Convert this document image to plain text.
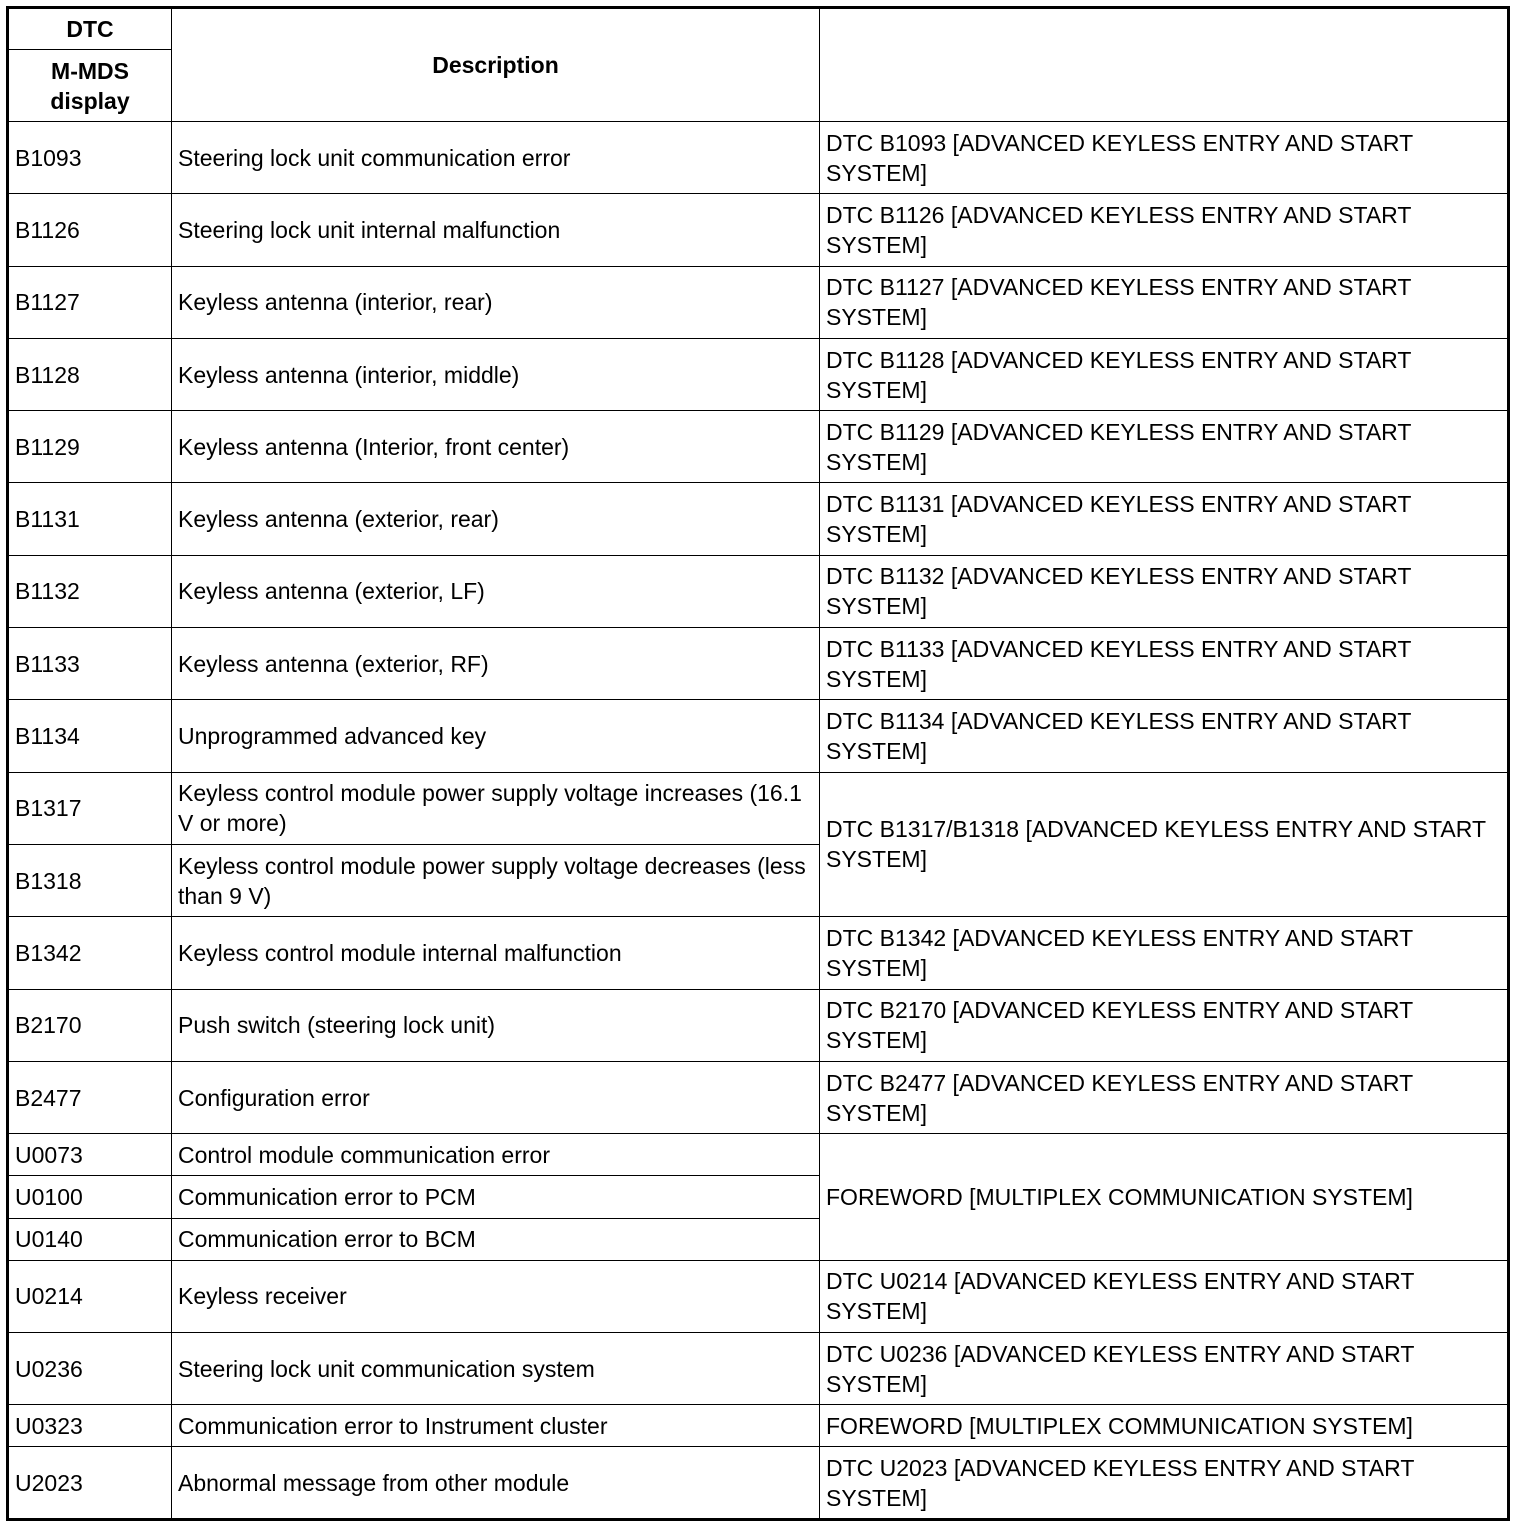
DTC	Description	
M-MDS display		
B1093	Steering lock unit communication error	DTC B1093 [ADVANCED KEYLESS ENTRY AND START SYSTEM]
B1126	Steering lock unit internal malfunction	DTC B1126 [ADVANCED KEYLESS ENTRY AND START SYSTEM]
B1127	Keyless antenna (interior, rear)	DTC B1127 [ADVANCED KEYLESS ENTRY AND START SYSTEM]
B1128	Keyless antenna (interior, middle)	DTC B1128 [ADVANCED KEYLESS ENTRY AND START SYSTEM]
B1129	Keyless antenna (Interior, front center)	DTC B1129 [ADVANCED KEYLESS ENTRY AND START SYSTEM]
B1131	Keyless antenna (exterior, rear)	DTC B1131 [ADVANCED KEYLESS ENTRY AND START SYSTEM]
B1132	Keyless antenna (exterior, LF)	DTC B1132 [ADVANCED KEYLESS ENTRY AND START SYSTEM]
B1133	Keyless antenna (exterior, RF)	DTC B1133 [ADVANCED KEYLESS ENTRY AND START SYSTEM]
B1134	Unprogrammed advanced key	DTC B1134 [ADVANCED KEYLESS ENTRY AND START SYSTEM]
B1317	Keyless control module power supply voltage increases (16.1 V or more)	DTC B1317/B1318 [ADVANCED KEYLESS ENTRY AND START SYSTEM]
B1318	Keyless control module power supply voltage decreases (less than 9 V)	
B1342	Keyless control module internal malfunction	DTC B1342 [ADVANCED KEYLESS ENTRY AND START SYSTEM]
B2170	Push switch (steering lock unit)	DTC B2170 [ADVANCED KEYLESS ENTRY AND START SYSTEM]
B2477	Configuration error	DTC B2477 [ADVANCED KEYLESS ENTRY AND START SYSTEM]
U0073	Control module communication error	FOREWORD [MULTIPLEX COMMUNICATION SYSTEM]
U0100	Communication error to PCM	
U0140	Communication error to BCM	
U0214	Keyless receiver	DTC U0214 [ADVANCED KEYLESS ENTRY AND START SYSTEM]
U0236	Steering lock unit communication system	DTC U0236 [ADVANCED KEYLESS ENTRY AND START SYSTEM]
U0323	Communication error to Instrument cluster	FOREWORD [MULTIPLEX COMMUNICATION SYSTEM]
U2023	Abnormal message from other module	DTC U2023 [ADVANCED KEYLESS ENTRY AND START SYSTEM]
